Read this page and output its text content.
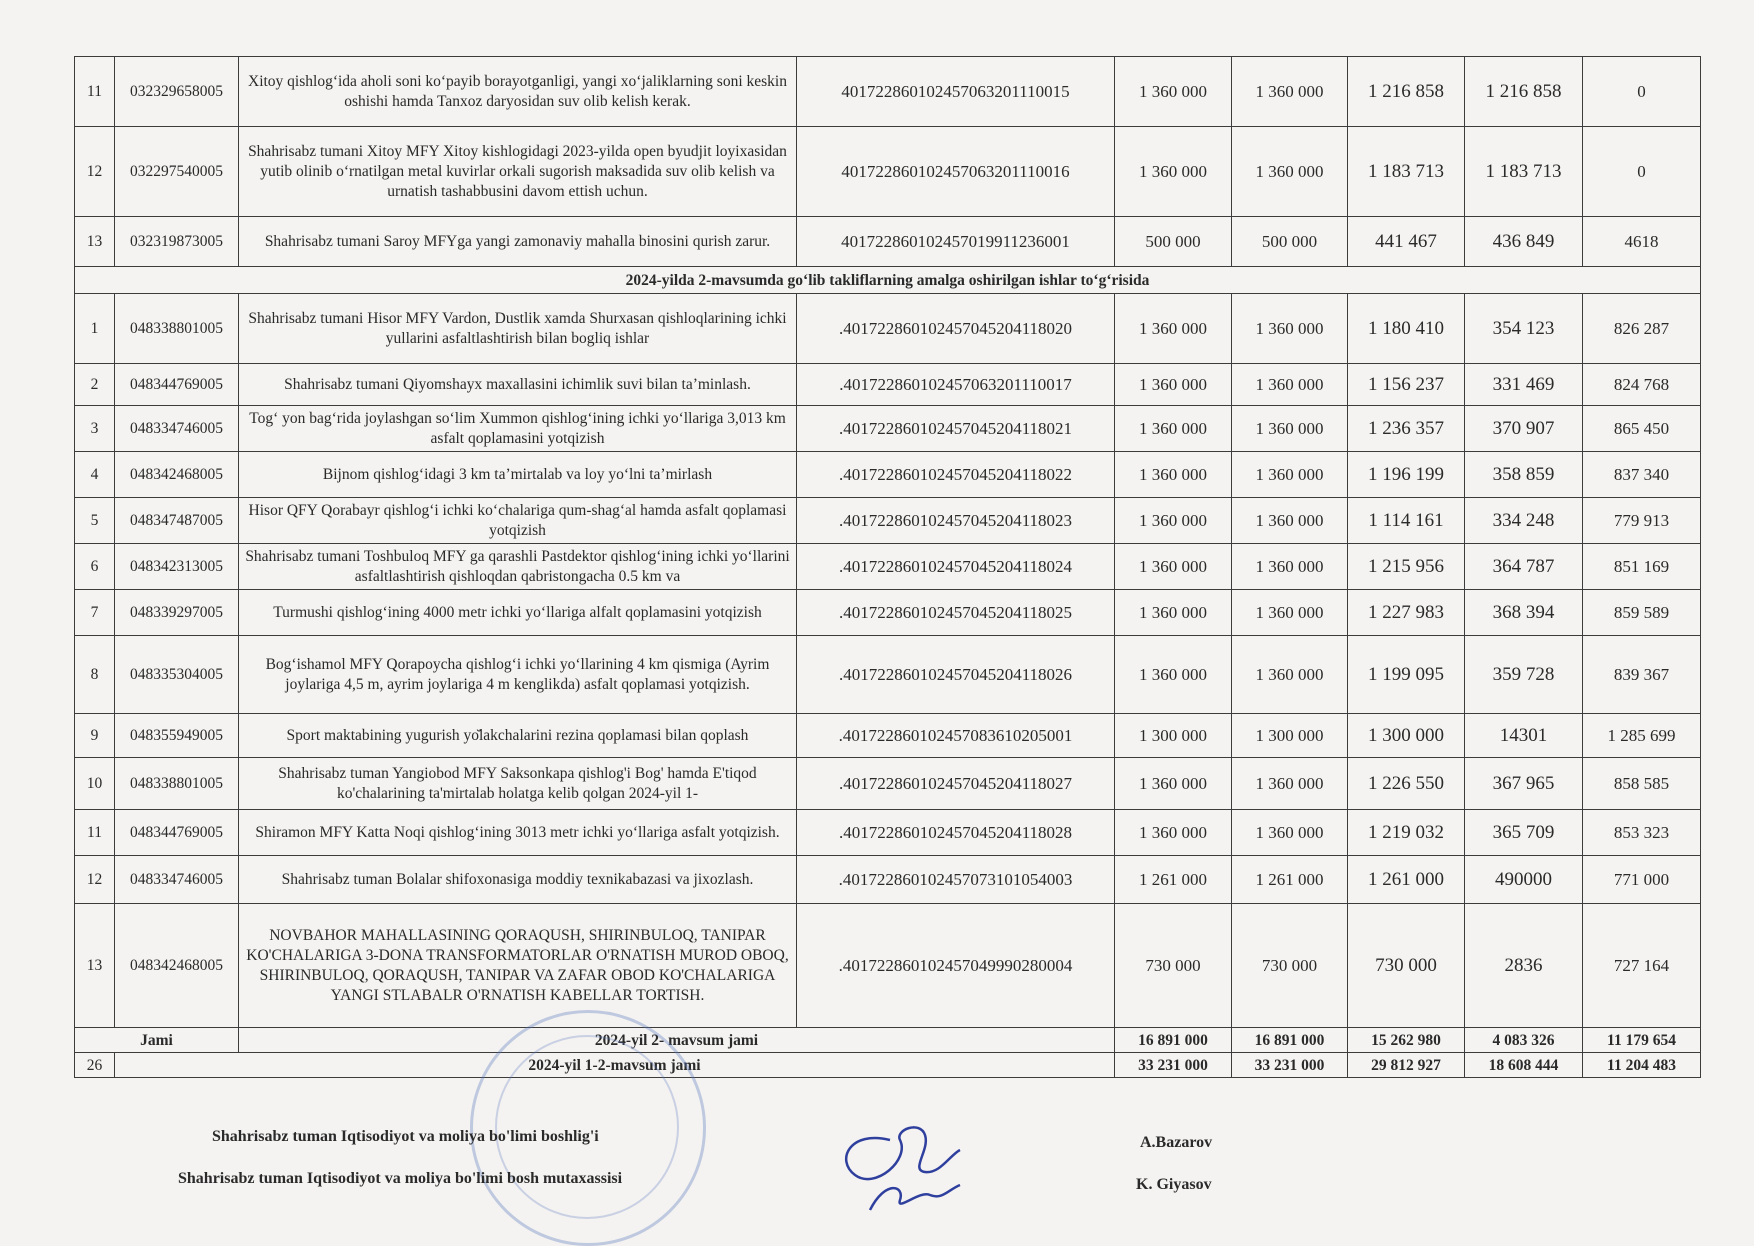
11	032329658005	Xitoy qishlog‘ida aholi soni ko‘payib borayotganligi, yangi xo‘jaliklarning soni keskin oshishi hamda Tanxoz daryosidan suv olib kelish kerak.	401722860102457063201110015	1 360 000	1 360 000	1 216 858	1 216 858	0
12	032297540005	Shahrisabz tumani Xitoy MFY Xitoy kishlogidagi 2023-yilda open byudjit loyixasidan yutib olinib o‘rnatilgan metal kuvirlar orkali sugorish maksadida suv olib kelish va urnatish tashabbusini davom ettish uchun.	401722860102457063201110016	1 360 000	1 360 000	1 183 713	1 183 713	0
13	032319873005	Shahrisabz tumani Saroy MFYga yangi zamonaviy mahalla binosini qurish zarur.	401722860102457019911236001	500 000	500 000	441 467	436 849	4618
2024-yilda 2-mavsumda go‘lib takliflarning amalga oshirilgan ishlar to‘g‘risida								
1	048338801005	Shahrisabz tumani Hisor MFY Vardon, Dustlik xamda Shurxasan qishloqlarining ichki yullarini asfaltlashtirish bilan bogliq ishlar	.401722860102457045204118020	1 360 000	1 360 000	1 180 410	354 123	826 287
2	048344769005	Shahrisabz tumani Qiyomshayx maxallasini ichimlik suvi bilan ta’minlash.	.401722860102457063201110017	1 360 000	1 360 000	1 156 237	331 469	824 768
3	048334746005	Tog‘ yon bag‘rida joylashgan so‘lim Xummon qishlog‘ining ichki yo‘llariga 3,013 km asfalt qoplamasini yotqizish	.401722860102457045204118021	1 360 000	1 360 000	1 236 357	370 907	865 450
4	048342468005	Bijnom qishlog‘idagi 3 km ta’mirtalab va loy yo‘lni ta’mirlash	.401722860102457045204118022	1 360 000	1 360 000	1 196 199	358 859	837 340
5	048347487005	Hisor QFY Qorabayr qishlog‘i ichki ko‘chalariga qum-shag‘al hamda asfalt qoplamasi yotqizish	.401722860102457045204118023	1 360 000	1 360 000	1 114 161	334 248	779 913
6	048342313005	Shahrisabz tumani Toshbuloq MFY ga qarashli Pastdektor qishlog‘ining ichki yo‘llarini asfaltlashtirish qishloqdan qabristongacha 0.5 km va	.401722860102457045204118024	1 360 000	1 360 000	1 215 956	364 787	851 169
7	048339297005	Turmushi qishlog‘ining 4000 metr ichki yo‘llariga alfalt qoplamasini yotqizish	.401722860102457045204118025	1 360 000	1 360 000	1 227 983	368 394	859 589
8	048335304005	Bog‘ishamol MFY Qorapoycha qishlog‘i ichki yo‘llarining 4 km qismiga (Ayrim joylariga 4,5 m, ayrim joylariga 4 m kenglikda) asfalt qoplamasi yotqizish.	.401722860102457045204118026	1 360 000	1 360 000	1 199 095	359 728	839 367
9	048355949005	Sport maktabining yugurish yо̆lakchalarini rezina qoplamasi bilan qoplash	.401722860102457083610205001	1 300 000	1 300 000	1 300 000	14301	1 285 699
10	048338801005	Shahrisabz tuman Yangiobod MFY Saksonkapa qishlog'i Bog' hamda E'tiqod ko'chalarining ta'mirtalab holatga kelib qolgan 2024-yil 1-	.401722860102457045204118027	1 360 000	1 360 000	1 226 550	367 965	858 585
11	048344769005	Shiramon MFY Katta Noqi qishlog‘ining 3013 metr ichki yo‘llariga asfalt yotqizish.	.401722860102457045204118028	1 360 000	1 360 000	1 219 032	365 709	853 323
12	048334746005	Shahrisabz tuman Bolalar shifoxonasiga moddiy texnikabazasi va jixozlash.	.401722860102457073101054003	1 261 000	1 261 000	1 261 000	490000	771 000
13	048342468005	NOVBAHOR MAHALLASINING QORAQUSH, SHIRINBULOQ, TANIPAR KO'CHALARIGA 3-DONA TRANSFORMATORLAR O'RNATISH MUROD OBOQ, SHIRINBULOQ, QORAQUSH, TANIPAR VA ZAFAR OBOD KO'CHALARIGA YANGI STLABALR O'RNATISH KABELLAR TORTISH.	.401722860102457049990280004	730 000	730 000	730 000	2836	727 164
Jami		2024-yil 2- mavsum jami		16 891 000	16 891 000	15 262 980	4 083 326	11 179 654
26	2024-yil 1-2-mavsum jami			33 231 000	33 231 000	29 812 927	18 608 444	11 204 483
Shahrisabz tuman Iqtisodiyot va moliya bo'limi boshlig'i	A.Bazarov
Shahrisabz tuman Iqtisodiyot va moliya bo'limi bosh mutaxassisi	K. Giyasov
